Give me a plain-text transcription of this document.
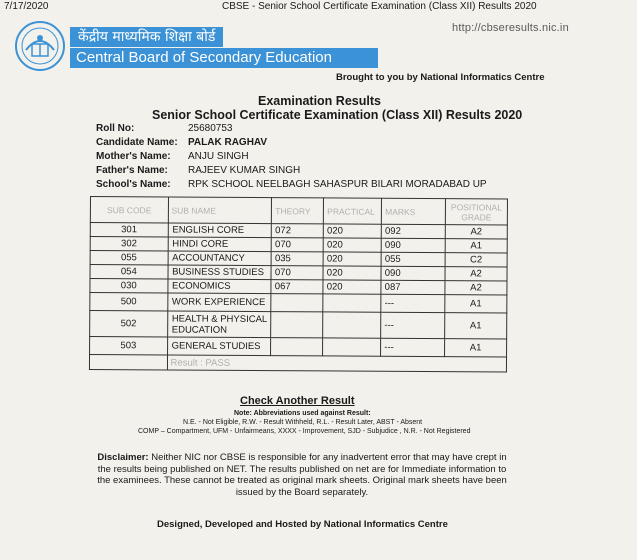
7/17/2020	CBSE - Senior School Certificate Examination (Class XII) Results 2020
http://cbseresults.nic.in
केंद्रीय माध्यमिक शिक्षा बोर्ड
Central Board of Secondary Education
Brought to you by National Informatics Centre
Examination Results
Senior School Certificate Examination (Class XII) Results 2020
Roll No:	25680753
Candidate Name:	PALAK RAGHAV
Mother's Name:	ANJU SINGH
Father's Name:	RAJEEV KUMAR SINGH
School's Name:	RPK SCHOOL NEELBAGH SAHASPUR BILARI MORADABAD UP
SUB CODE	SUB NAME	THEORY	PRACTICAL	MARKS	POSITIONAL GRADE
301	ENGLISH CORE	072	020	092	A2
302	HINDI CORE	070	020	090	A1
055	ACCOUNTANCY	035	020	055	C2
054	BUSINESS STUDIES	070	020	090	A2
030	ECONOMICS	067	020	087	A2
500	WORK EXPERIENCE			---	A1
502	HEALTH & PHYSICAL EDUCATION			---	A1
503	GENERAL STUDIES			---	A1
	Result : PASS				
Check Another Result
Note: Abbreviations used against Result:
N.E. - Not Eligible, R.W. - Result Withheld, R.L. - Result Later, ABST - Absent
COMP – Compartment, UFM - Unfairmeans, XXXX - Improvement, SJD - Subjudice , N.R. - Not Registered
Disclaimer: Neither NIC nor CBSE is responsible for any inadvertent error that may have crept in the results being published on NET. The results published on net are for Immediate information to the examinees. These cannot be treated as original mark sheets. Original mark sheets have been issued by the Board separately.
Designed, Developed and Hosted by National Informatics Centre
